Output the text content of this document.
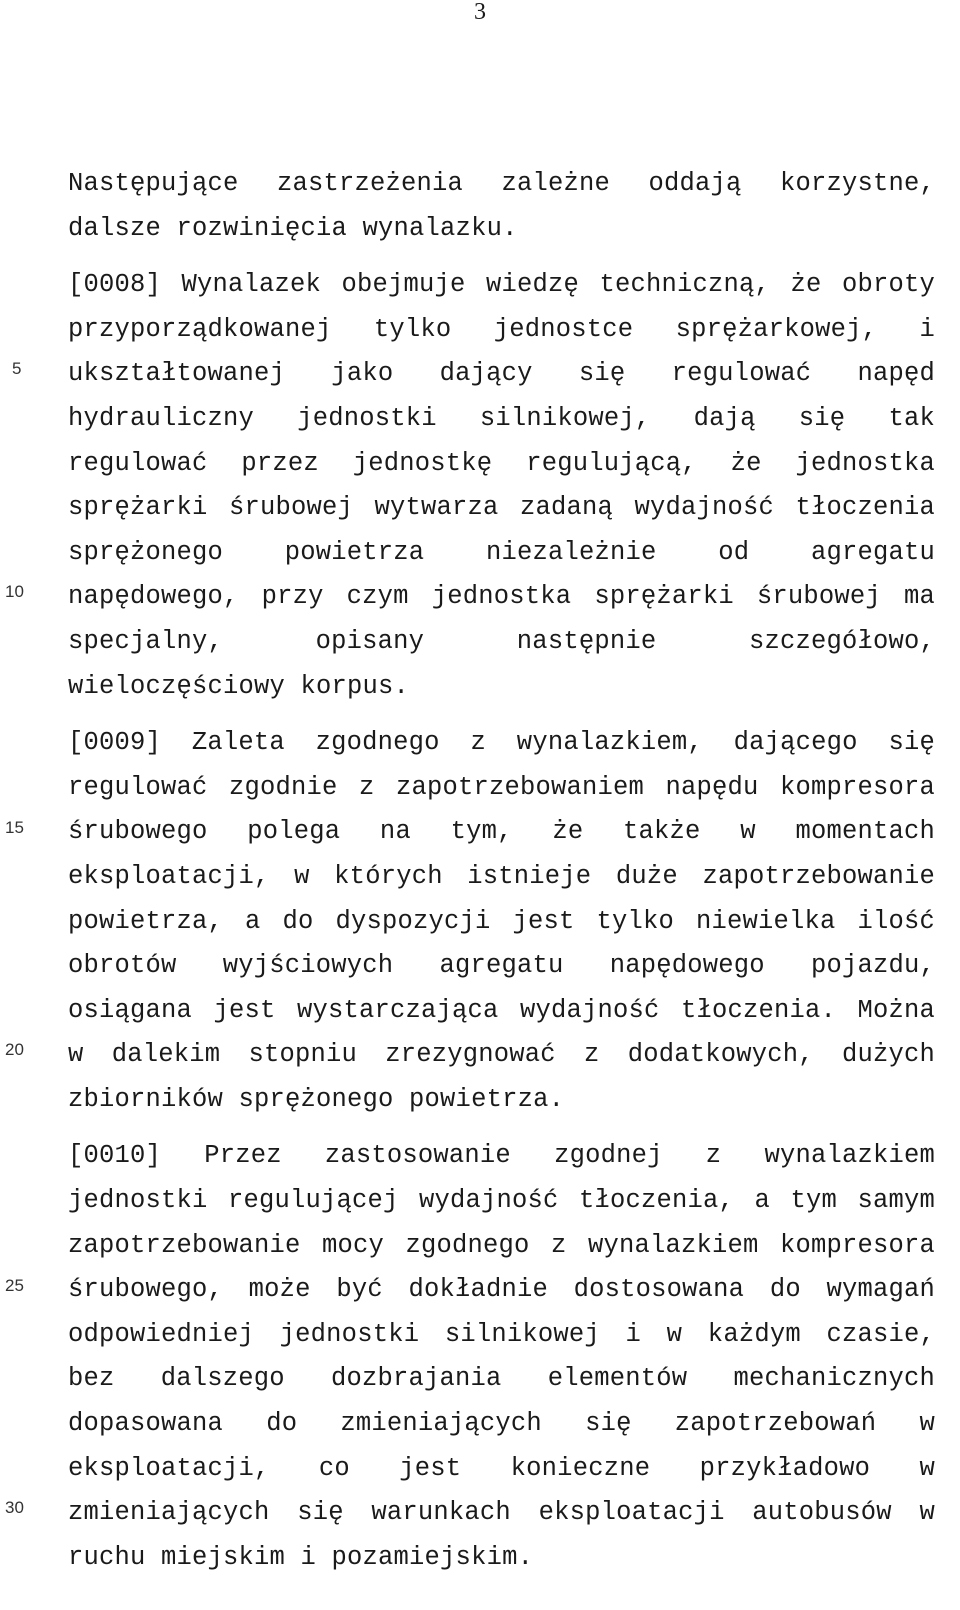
3
5
10
15
20
25
30

Następujące zastrzeżenia zależne oddają korzystne, dalsze rozwinięcia wynalazku.

[0008] Wynalazek obejmuje wiedzę techniczną, że obroty przyporządkowanej tylko jednostce sprężarkowej, i ukształtowanej jako dający się regulować napęd hydrauliczny jednostki silnikowej, dają się tak regulować przez jednostkę regulującą, że jednostka sprężarki śrubowej wytwarza zadaną wydajność tłoczenia sprężonego powietrza niezależnie od agregatu napędowego, przy czym jednostka sprężarki śrubowej ma specjalny, opisany następnie szczegółowo, wieloczęściowy korpus.

[0009] Zaleta zgodnego z wynalazkiem, dającego się regulować zgodnie z zapotrzebowaniem napędu kompresora śrubowego polega na tym, że także w momentach eksploatacji, w których istnieje duże zapotrzebowanie powietrza, a do dyspozycji jest tylko niewielka ilość obrotów wyjściowych agregatu napędowego pojazdu, osiągana jest wystarczająca wydajność tłoczenia. Można w dalekim stopniu zrezygnować z dodatkowych, dużych zbiorników sprężonego powietrza.

[0010] Przez zastosowanie zgodnej z wynalazkiem jednostki regulującej wydajność tłoczenia, a tym samym zapotrzebowanie mocy zgodnego z wynalazkiem kompresora śrubowego, może być dokładnie dostosowana do wymagań odpowiedniej jednostki silnikowej i w każdym czasie, bez dalszego dozbrajania elementów mechanicznych dopasowana do zmieniających się zapotrzebowań w eksploatacji, co jest konieczne przykładowo w zmieniających się warunkach eksploatacji autobusów w ruchu miejskim i pozamiejskim.
